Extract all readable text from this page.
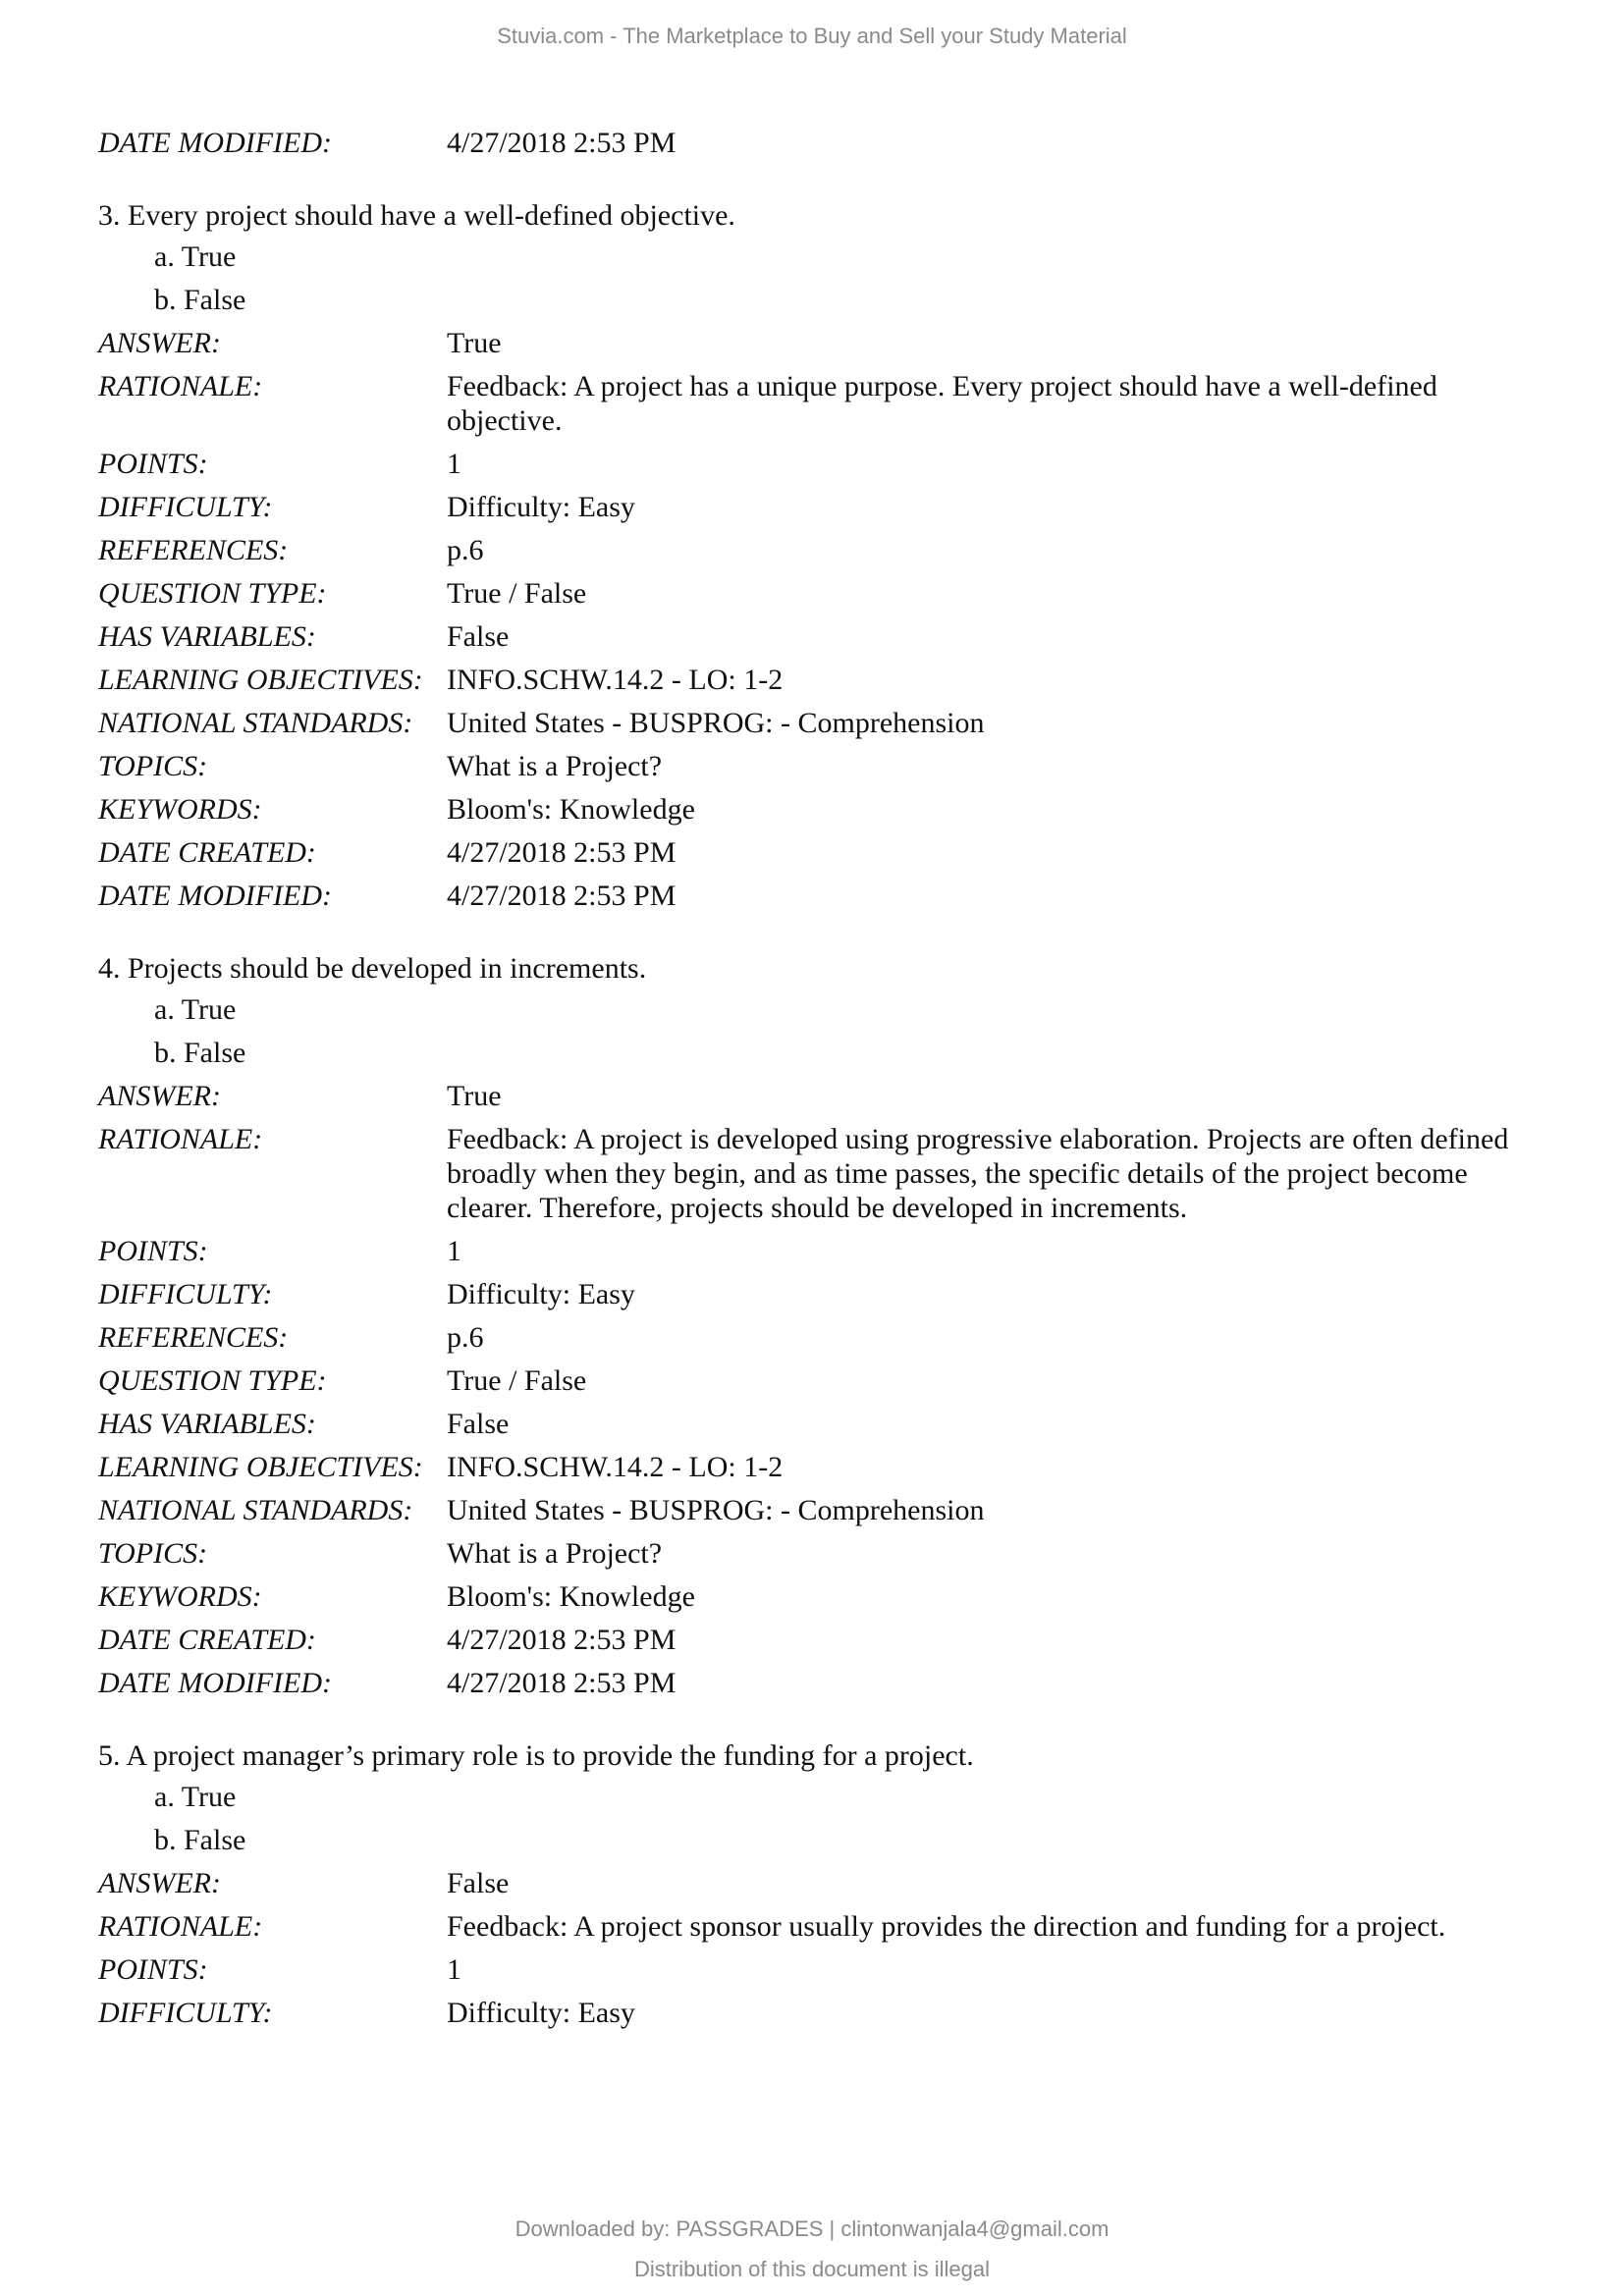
Stuvia.com - The Marketplace to Buy and Sell your Study Material
DATE MODIFIED:	4/27/2018 2:53 PM
3. Every project should have a well-defined objective.
a. True
b. False
ANSWER:	True
RATIONALE:	Feedback: A project has a unique purpose. Every project should have a well-defined objective.
POINTS:	1
DIFFICULTY:	Difficulty: Easy
REFERENCES:	p.6
QUESTION TYPE:	True / False
HAS VARIABLES:	False
LEARNING OBJECTIVES: INFO.SCHW.14.2 - LO: 1-2
NATIONAL STANDARDS:	United States - BUSPROG: - Comprehension
TOPICS:	What is a Project?
KEYWORDS:	Bloom's: Knowledge
DATE CREATED:	4/27/2018 2:53 PM
DATE MODIFIED:	4/27/2018 2:53 PM
4. Projects should be developed in increments.
a. True
b. False
ANSWER:	True
RATIONALE:	Feedback: A project is developed using progressive elaboration. Projects are often defined broadly when they begin, and as time passes, the specific details of the project become clearer. Therefore, projects should be developed in increments.
POINTS:	1
DIFFICULTY:	Difficulty: Easy
REFERENCES:	p.6
QUESTION TYPE:	True / False
HAS VARIABLES:	False
LEARNING OBJECTIVES: INFO.SCHW.14.2 - LO: 1-2
NATIONAL STANDARDS:	United States - BUSPROG: - Comprehension
TOPICS:	What is a Project?
KEYWORDS:	Bloom's: Knowledge
DATE CREATED:	4/27/2018 2:53 PM
DATE MODIFIED:	4/27/2018 2:53 PM
5. A project manager’s primary role is to provide the funding for a project.
a. True
b. False
ANSWER:	False
RATIONALE:	Feedback: A project sponsor usually provides the direction and funding for a project.
POINTS:	1
DIFFICULTY:	Difficulty: Easy
Downloaded by: PASSGRADES | clintonwanjala4@gmail.com
Distribution of this document is illegal
